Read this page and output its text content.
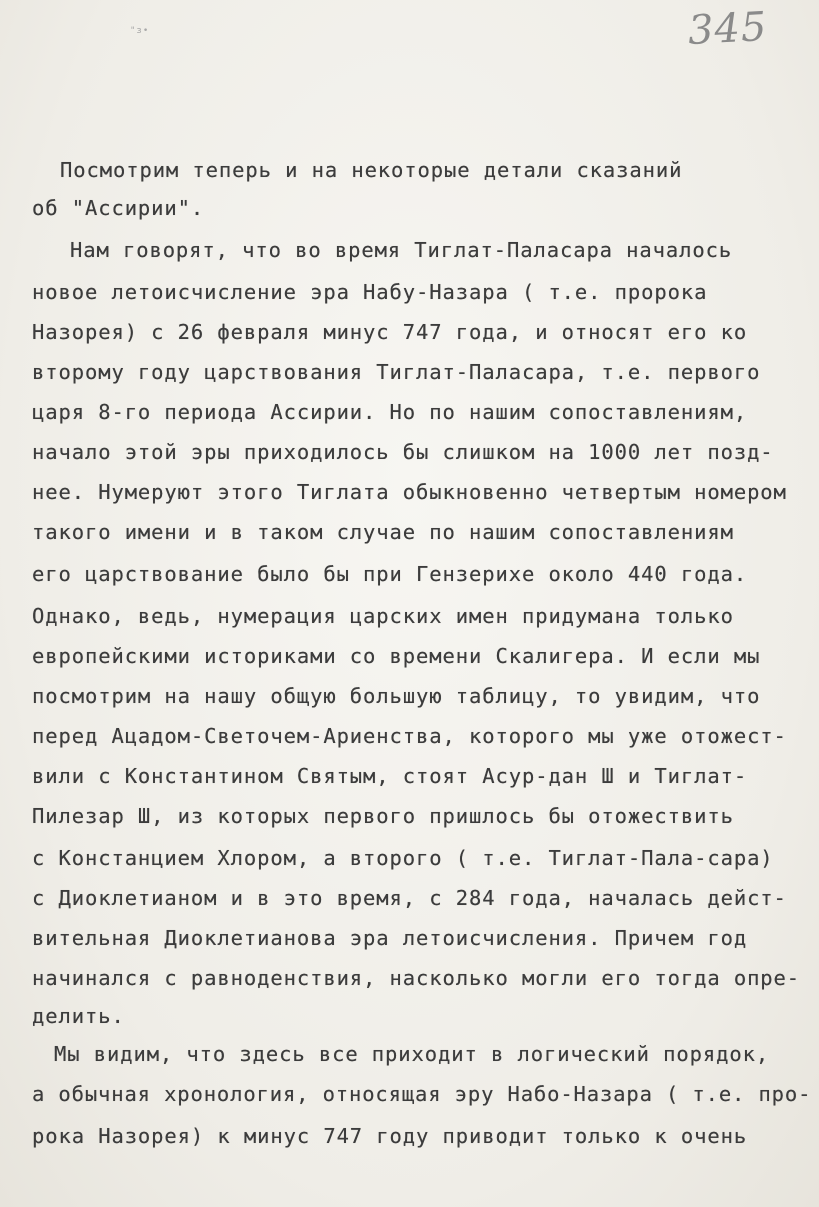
345
"з•
Посмотрим теперь и на некоторые детали сказаний
об "Ассирии".
Нам говорят, что во время Тиглат-Паласара началось
новое летоисчисление эра Набу-Назара ( т.е. пророка
Назорея) с 26 февраля минус 747 года, и относят его ко
второму году царствования Тиглат-Паласара, т.е. первого
царя 8-го периода Ассирии. Но по нашим сопоставлениям,
начало этой эры приходилось бы слишком на 1000 лет позд-
нее. Нумеруют этого Тиглата обыкновенно четвертым номером
такого имени и в таком случае по нашим сопоставлениям
его царствование было бы при Гензерихе около 440 года.
Однако, ведь, нумерация царских имен придумана только
европейскими историками со времени Скалигера. И если мы
посмотрим на нашу общую большую таблицу, то увидим, что
перед Ацадом-Светочем-Ариенства, которого мы уже отожест-
вили с Константином Святым, стоят Асур-дан Ш и Тиглат-
Пилезар Ш, из которых первого пришлось бы отожествить
с Констанцием Хлором, а второго ( т.е. Тиглат-Пала-сара)
с Диоклетианом и в это время, с 284 года, началась дейст-
вительная Диоклетианова эра летоисчисления. Причем год
начинался с равноденствия, насколько могли его тогда опре-
делить.
Мы видим, что здесь все приходит в логический порядок,
а обычная хронология, относящая эру Набо-Назара ( т.е. про-
рока Назорея) к минус 747 году приводит только к очень
